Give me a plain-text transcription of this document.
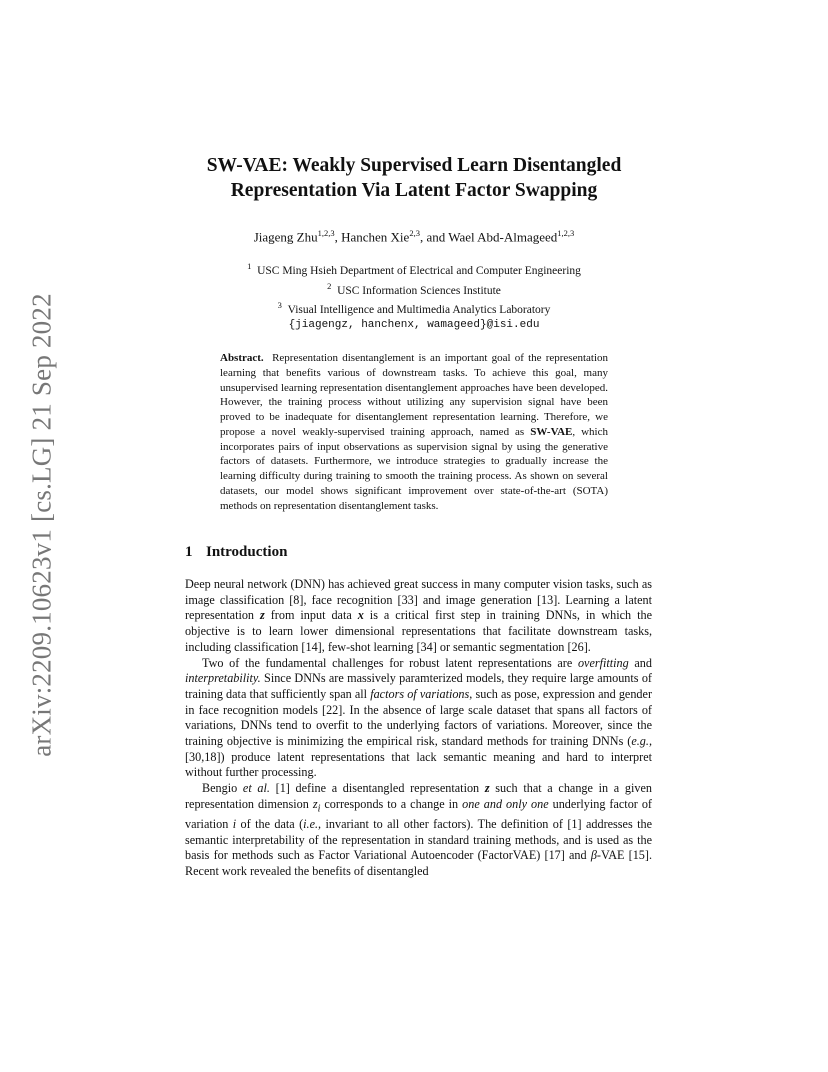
arXiv:2209.10623v1 [cs.LG] 21 Sep 2022
SW-VAE: Weakly Supervised Learn Disentangled
Representation Via Latent Factor Swapping
Jiageng Zhu$^{1,2,3}$, Hanchen Xie$^{2,3}$, and Wael Abd-Almageed$^{1,2,3}$
$^1$ USC Ming Hsieh Department of Electrical and Computer Engineering
$^2$ USC Information Sciences Institute
$^3$ Visual Intelligence and Multimedia Analytics Laboratory
{jiagengz, hanchenx, wamageed}@isi.edu
Abstract. Representation disentanglement is an important goal of the representation learning that benefits various of downstream tasks. To achieve this goal, many unsupervised learning representation disentanglement approaches have been developed. However, the training process without utilizing any supervision signal have been proved to be inadequate for disentanglement representation learning. Therefore, we propose a novel weakly-supervised training approach, named as SW-VAE, which incorporates pairs of input observations as supervision signal by using the generative factors of datasets. Furthermore, we introduce strategies to gradually increase the learning difficulty during training to smooth the training process. As shown on several datasets, our model shows significant improvement over state-of-the-art (SOTA) methods on representation disentanglement tasks.
1 Introduction

Deep neural network (DNN) has achieved great success in many computer vision tasks, such as image classification [8], face recognition [33] and image generation [13]. Learning a latent representation z from input data x is a critical first step in training DNNs, in which the objective is to learn lower dimensional representations that facilitate downstream tasks, including classification [14], few-shot learning [34] or semantic segmentation [26].

Two of the fundamental challenges for robust latent representations are overfitting and interpretability. Since DNNs are massively paramterized models, they require large amounts of training data that sufficiently span all factors of variations, such as pose, expression and gender in face recognition models [22]. In the absence of large scale dataset that spans all factors of variations, DNNs tend to overfit to the underlying factors of variations. Moreover, since the training objective is minimizing the empirical risk, standard methods for training DNNs (e.g., [30,18]) produce latent representations that lack semantic meaning and hard to interpret without further processing.

Bengio et al. [1] define a disentangled representation z such that a change in a given representation dimension $z_i$ corresponds to a change in one and only one underlying factor of variation i of the data (i.e., invariant to all other factors). The definition of [1] addresses the semantic interpretability of the representation in standard training methods, and is used as the basis for methods such as Factor Variational Autoencoder (FactorVAE) [17] and β-VAE [15]. Recent work revealed the benefits of disentangled
